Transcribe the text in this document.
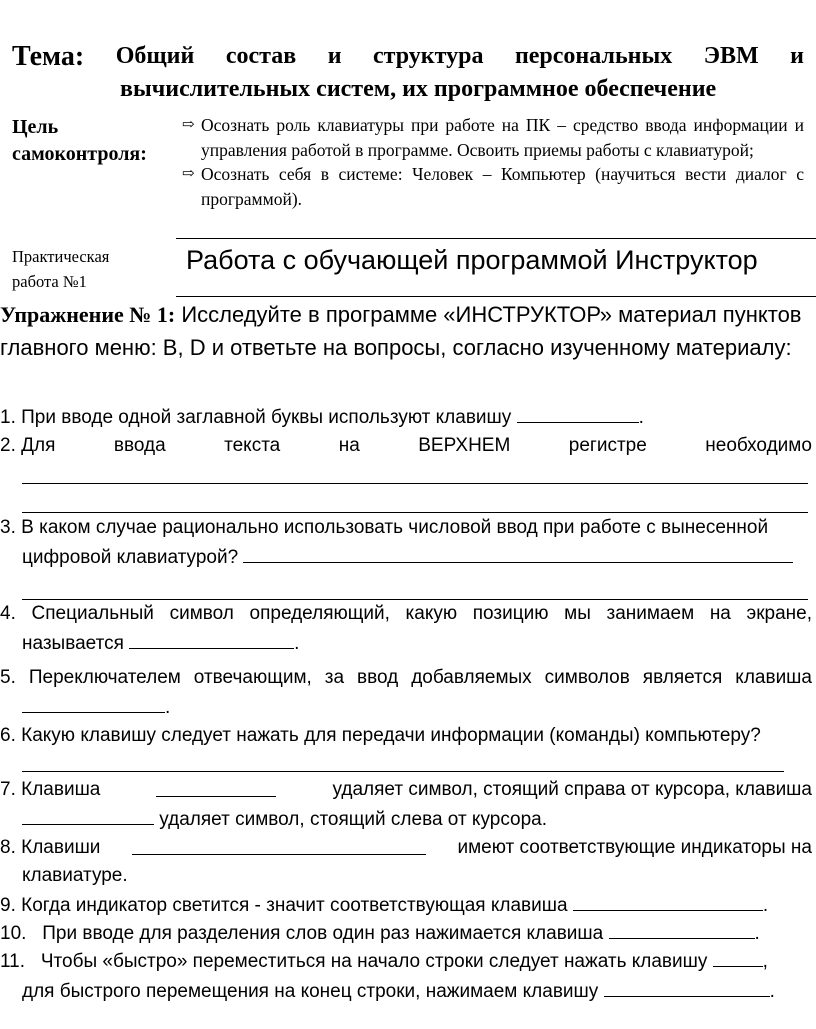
Тема: Общий состав и структура персональных ЭВМ и
вычислительных систем, их программное обеспечение
Цель
самоконтроля:
⇨ Осознать роль клавиатуры при работе на ПК – средство ввода информации и управления работой в программе. Освоить приемы работы с клавиатурой;
⇨ Осознать себя в системе: Человек – Компьютер (научиться вести диалог с программой).
Практическая
работа №1
Работа с обучающей программой Инструктор
Упражнение № 1: Исследуйте в программе «ИНСТРУКТОР» материал пунктов главного меню: B, D и ответьте на вопросы, согласно изученному материалу:
1. При вводе одной заглавной буквы используют клавишу	.
2. Для	ввода	текста	на	ВЕРХНЕМ	регистре	необходимо
3. В каком случае рационально использовать числовой ввод при работе с вынесенной
цифровой клавиатурой?
4. Специальный символ определяющий, какую позицию мы занимаем на экране,
называется	.
5. Переключателем отвечающим, за ввод добавляемых символов является клавиша
.
6. Какую клавишу следует нажать для передачи информации (команды) компьютеру?
7. Клавиша	удаляет символ, стоящий справа от курсора, клавиша
удаляет символ, стоящий слева от курсора.
8. Клавиши	имеют соответствующие индикаторы на
клавиатуре.
9. Когда индикатор светится - значит соответствующая клавиша	.
10. При вводе для разделения слов один раз нажимается клавиша	.
11. Чтобы «быстро» переместиться на начало строки следует нажать клавишу	,
для быстрого перемещения на конец строки, нажимаем клавишу	.
